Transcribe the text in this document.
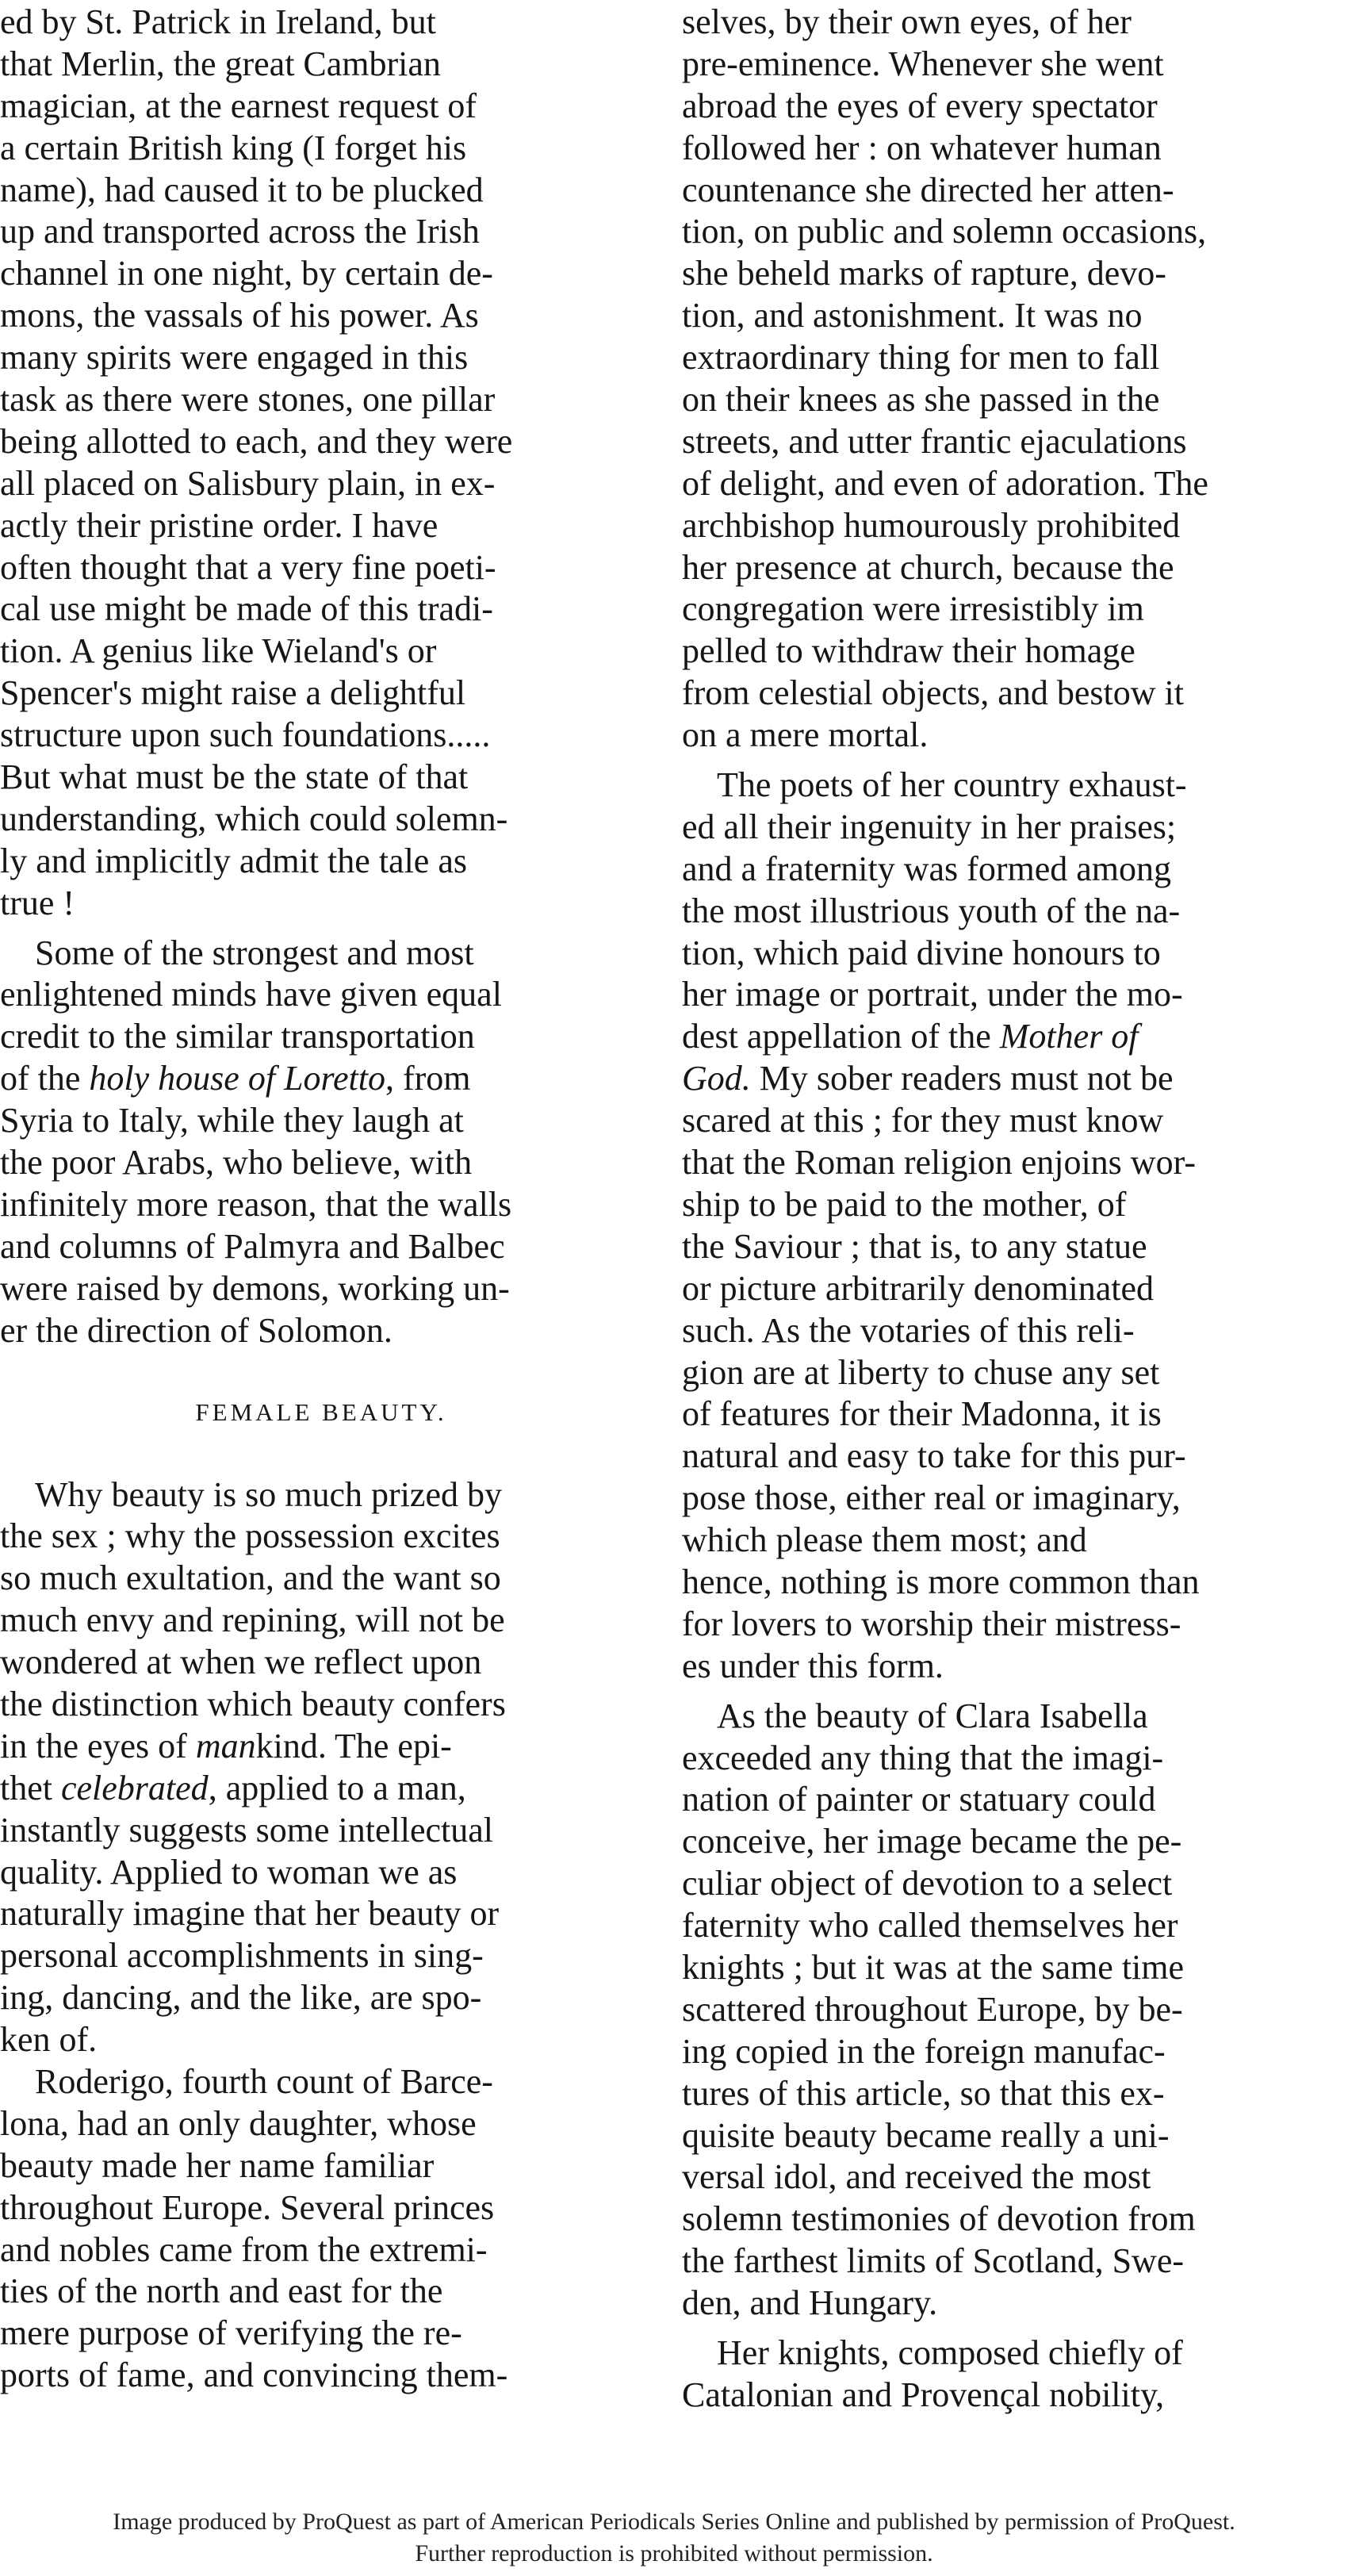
ed by St. Patrick in Ireland, but
that Merlin, the great Cambrian
magician, at the earnest request of
a certain British king (I forget his
name), had caused it to be plucked
up and transported across the Irish
channel in one night, by certain de-
mons, the vassals of his power. As
many spirits were engaged in this
task as there were stones, one pillar
being allotted to each, and they were
all placed on Salisbury plain, in ex-
actly their pristine order. I have
often thought that a very fine poeti-
cal use might be made of this tradi-
tion. A genius like Wieland's or
Spencer's might raise a delightful
structure upon such foundations.....
But what must be the state of that
understanding, which could solemn-
ly and implicitly admit the tale as
true !
Some of the strongest and most
enlightened minds have given equal
credit to the similar transportation
of the holy house of Loretto, from
Syria to Italy, while they laugh at
the poor Arabs, who believe, with
infinitely more reason, that the walls
and columns of Palmyra and Balbec
were raised by demons, working un-
er the direction of Solomon.
FEMALE BEAUTY.
Why beauty is so much prized by
the sex ; why the possession excites
so much exultation, and the want so
much envy and repining, will not be
wondered at when we reflect upon
the distinction which beauty confers
in the eyes of mankind. The epi-
thet celebrated, applied to a man,
instantly suggests some intellectual
quality. Applied to woman we as
naturally imagine that her beauty or
personal accomplishments in sing-
ing, dancing, and the like, are spo-
ken of.
Roderigo, fourth count of Barce-
lona, had an only daughter, whose
beauty made her name familiar
throughout Europe. Several princes
and nobles came from the extremi-
ties of the north and east for the
mere purpose of verifying the re-
ports of fame, and convincing them-
selves, by their own eyes, of her
pre-eminence. Whenever she went
abroad the eyes of every spectator
followed her : on whatever human
countenance she directed her atten-
tion, on public and solemn occasions,
she beheld marks of rapture, devo-
tion, and astonishment. It was no
extraordinary thing for men to fall
on their knees as she passed in the
streets, and utter frantic ejaculations
of delight, and even of adoration. The
archbishop humourously prohibited
her presence at church, because the
congregation were irresistibly im
pelled to withdraw their homage
from celestial objects, and bestow it
on a mere mortal.
The poets of her country exhaust-
ed all their ingenuity in her praises;
and a fraternity was formed among
the most illustrious youth of the na-
tion, which paid divine honours to
her image or portrait, under the mo-
dest appellation of the Mother of
God. My sober readers must not be
scared at this ; for they must know
that the Roman religion enjoins wor-
ship to be paid to the mother, of
the Saviour ; that is, to any statue
or picture arbitrarily denominated
such. As the votaries of this reli-
gion are at liberty to chuse any set
of features for their Madonna, it is
natural and easy to take for this pur-
pose those, either real or imaginary,
which please them most; and
hence, nothing is more common than
for lovers to worship their mistress-
es under this form.
As the beauty of Clara Isabella
exceeded any thing that the imagi-
nation of painter or statuary could
conceive, her image became the pe-
culiar object of devotion to a select
faternity who called themselves her
knights ; but it was at the same time
scattered throughout Europe, by be-
ing copied in the foreign manufac-
tures of this article, so that this ex-
quisite beauty became really a uni-
versal idol, and received the most
solemn testimonies of devotion from
the farthest limits of Scotland, Swe-
den, and Hungary.
Her knights, composed chiefly of
Catalonian and Provençal nobility,
Image produced by ProQuest as part of American Periodicals Series Online and published by permission of ProQuest.
Further reproduction is prohibited without permission.
